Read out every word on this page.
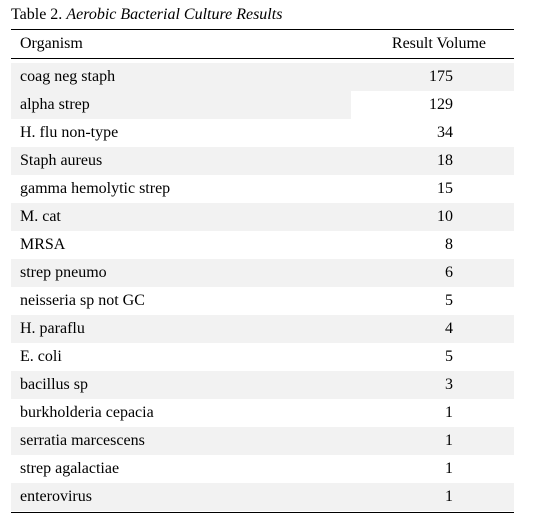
Table 2. Aerobic Bacterial Culture Results
Organism	Result Volume
coag neg staph	175
alpha strep	129
H. flu non-type	34
Staph aureus	18
gamma hemolytic strep	15
M. cat	10
MRSA	8
strep pneumo	6
neisseria sp not GC	5
H. paraflu	4
E. coli	5
bacillus sp	3
burkholderia cepacia	1
serratia marcescens	1
strep agalactiae	1
enterovirus	1
